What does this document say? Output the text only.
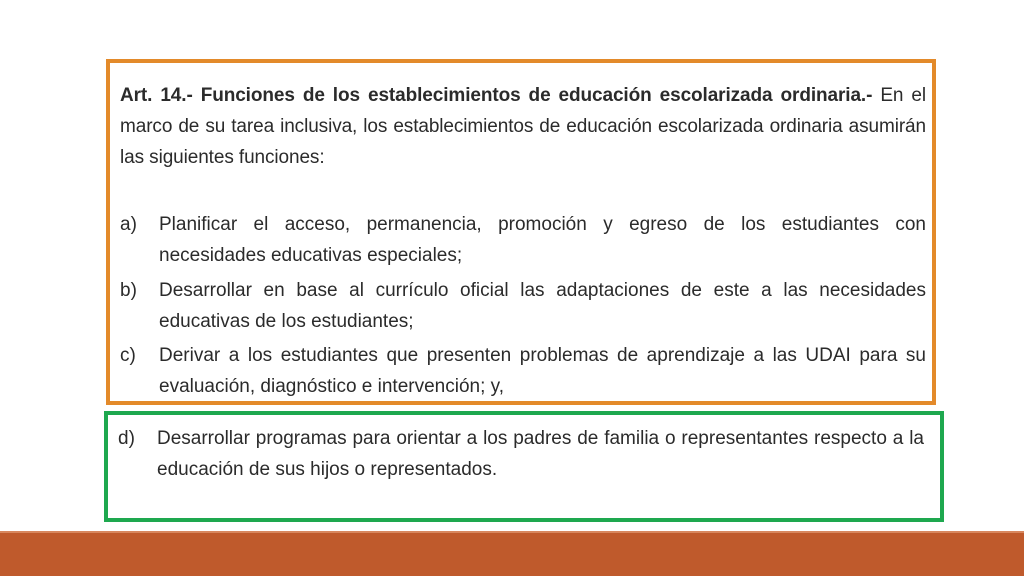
Art. 14.- Funciones de los establecimientos de educación escolarizada ordinaria.- En el marco de su tarea inclusiva, los establecimientos de educación escolarizada ordinaria asumirán las siguientes funciones:
a)	Planificar el acceso, permanencia, promoción y egreso de los estudiantes con necesidades educativas especiales;
b)	Desarrollar en base al currículo oficial las adaptaciones de este a las necesidades educativas de los estudiantes;
c)	Derivar a los estudiantes que presenten problemas de aprendizaje a las UDAI para su evaluación, diagnóstico e intervención; y,
d)	Desarrollar programas para orientar a los padres de familia o representantes respecto a la educación de sus hijos o representados.
